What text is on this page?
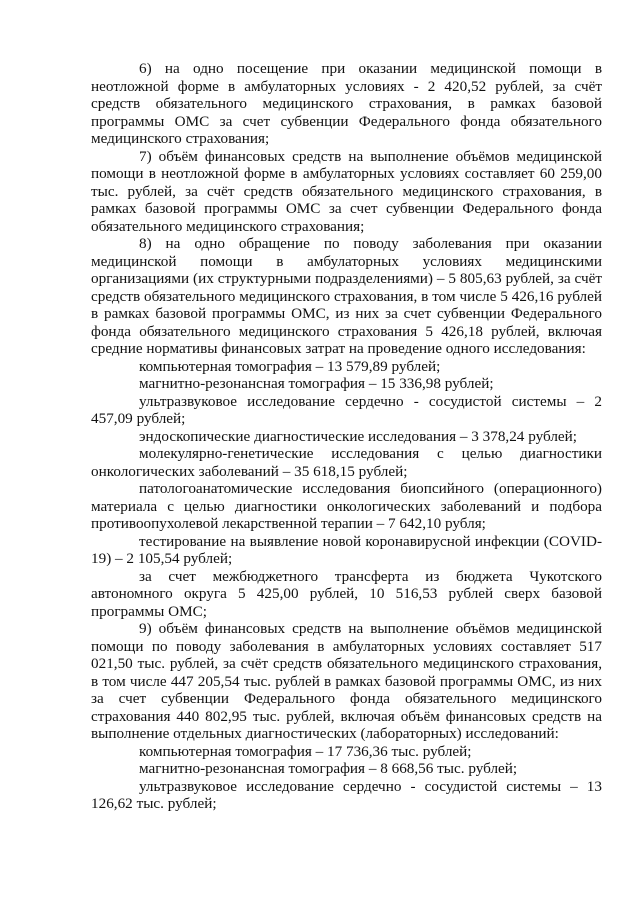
6) на одно посещение при оказании медицинской помощи в неотложной форме в амбулаторных условиях - 2 420,52 рублей, за счёт средств обязательного медицинского страхования, в рамках базовой программы ОМС за счет субвенции Федерального фонда обязательного медицинского страхования;

7) объём финансовых средств на выполнение объёмов медицинской помощи в неотложной форме в амбулаторных условиях составляет 60 259,00 тыс. рублей, за счёт средств обязательного медицинского страхования, в рамках базовой программы ОМС за счет субвенции Федерального фонда обязательного медицинского страхования;

8) на одно обращение по поводу заболевания при оказании медицинской помощи в амбулаторных условиях медицинскими организациями (их структурными подразделениями) – 5 805,63 рублей, за счёт средств обязательного медицинского страхования, в том числе 5 426,16 рублей в рамках базовой программы ОМС, из них за счет субвенции Федерального фонда обязательного медицинского страхования 5 426,18 рублей, включая средние нормативы финансовых затрат на проведение одного исследования:

компьютерная томография – 13 579,89 рублей;

магнитно-резонансная томография – 15 336,98 рублей;

ультразвуковое исследование сердечно - сосудистой системы – 2 457,09 рублей;

эндоскопические диагностические исследования – 3 378,24 рублей;

молекулярно-генетические исследования с целью диагностики онкологических заболеваний – 35 618,15 рублей;

патологоанатомические исследования биопсийного (операционного) материала с целью диагностики онкологических заболеваний и подбора противоопухолевой лекарственной терапии – 7 642,10 рубля;

тестирование на выявление новой коронавирусной инфекции (COVID-19) – 2 105,54 рублей;

за счет межбюджетного трансферта из бюджета Чукотского автономного округа 5 425,00 рублей, 10 516,53 рублей сверх базовой программы ОМС;

9) объём финансовых средств на выполнение объёмов медицинской помощи по поводу заболевания в амбулаторных условиях составляет 517 021,50 тыс. рублей, за счёт средств обязательного медицинского страхования, в том числе 447 205,54 тыс. рублей в рамках базовой программы ОМС, из них за счет субвенции Федерального фонда обязательного медицинского страхования 440 802,95 тыс. рублей, включая объём финансовых средств на выполнение отдельных диагностических (лабораторных) исследований:

компьютерная томография – 17 736,36 тыс. рублей;

магнитно-резонансная томография – 8 668,56 тыс. рублей;

ультразвуковое исследование сердечно - сосудистой системы – 13 126,62 тыс. рублей;
